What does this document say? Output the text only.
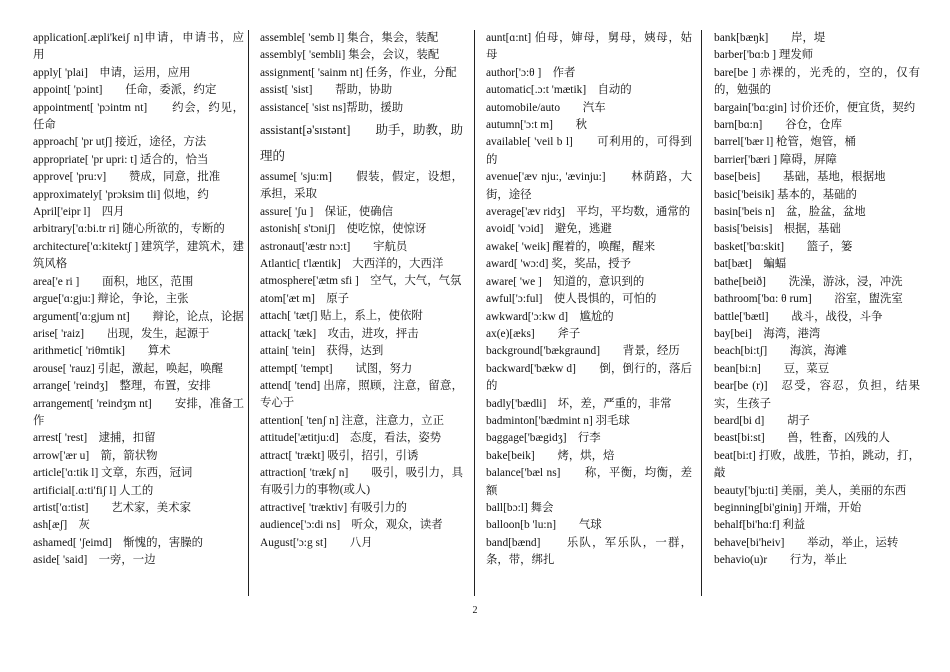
application[.æpli'keiʃ n]申请，申请书，应用

apply[ 'plai]　申请，运用，应用

appoint[ 'pɔint]　　任命，委派，约定

appointment[ 'pɔintm nt]　　约会，约见，任命

approach[ 'pr utʃ] 接近，途径，方法

appropriate[ 'pr upri: t] 适合的，恰当

approve[ 'pru:v]　　赞成，同意，批准

approximately[ 'prɔksim tli] 似地，约

April['eipr l]　四月

arbitrary['ɑ:bi.tr ri] 随心所欲的，专断的

architecture['ɑ:kitektʃ ] 建筑学，建筑术，建筑风格

area['e ri ]　　面积，地区，范围

argue['ɑ:gju:] 辩论，争论，主张

argument['ɑ:gjum nt]　　辩论，论点，论据

arise[ 'raiz]　　出现，发生，起源于

arithmetic[ 'riθmtik]　　算术

arouse[ 'rauz] 引起，激起，唤起，唤醒

arrange[ 'reindʒ]　整理，布置，安排

arrangement[ 'reindʒm nt]　　安排，准备工作

arrest[ 'rest]　逮捕，扣留

arrow['ær u]　箭，箭状物

article['ɑ:tik l] 文章，东西，冠词

artificial[.ɑ:ti'fiʃ l] 人工的

artist['ɑ:tist]　　艺术家，美术家

ash[æʃ]　灰

ashamed[ 'ʃeimd]　惭愧的，害臊的

aside[ 'said]　一旁，一边

assemble[ 'semb l] 集合，集会，装配

assembly[ 'sembli] 集会，会议，装配

assignment[ 'sainm nt] 任务，作业，分配

assist[ 'sist]　　帮助，协助

assistance[ 'sist ns]帮助，援助

assistant[ə'sɪstənt]　　助手，助教，助理的

assume[ 'sju:m]　　假装，假定，设想，承担，采取

assure[ 'ʃu ]　保证，使确信

astonish[ s'tɔniʃ]　使吃惊，使惊讶

astronaut['æstr nɔ:t]　　宇航员

Atlantic[ t'læntik]　大西洋的，大西洋

atmosphere['ætm sfi ]　空气，大气，气氛

atom['æt m]　原子

attach[ 'tætʃ] 贴上，系上，使依附

attack[ 'tæk]　攻击，进攻，抨击

attain[ 'tein]　获得，达到

attempt[ 'tempt]　　试图，努力

attend[ 'tend] 出席，照顾，注意，留意，专心于

attention[ 'tenʃ n] 注意，注意力，立正

attitude['ætitju:d]　态度，看法，姿势

attract[ 'trækt] 吸引，招引，引诱

attraction[ 'trækʃ n]　　吸引，吸引力，具有吸引力的事物(或人)

attractive[ 'træktiv] 有吸引力的

audience['ɔ:di ns]　听众，观众，读者

August['ɔ:g st]　　八月

aunt[ɑ:nt] 伯母，婶母，舅母，姨母，姑母

author['ɔ:θ ]　作者

automatic[.ɔ:t 'mætik]　自动的

automobile/auto　　汽车

autumn['ɔ:t m]　　秋

available[ 'veil b l]　　可利用的，可得到的

avenue['æv nju:, 'ævinju:]　　林荫路，大街，途径

average['æv ridʒ]　平均，平均数，通常的

avoid[ 'vɔid]　避免，逃避

awake[ 'weik] 醒着的，唤醒，醒来

award[ 'wɔ:d] 奖，奖品，授予

aware[ 'we ]　知道的，意识到的

awful['ɔ:ful]　使人畏惧的，可怕的

awkward['ɔ:kw d]　尴尬的

ax(e)[æks]　　斧子

background['bækgraund]　　背景，经历

backward['bækw d]　　倒，倒行的，落后的

badly['bædli]　坏，差，严重的，非常

badminton['bædmint n] 羽毛球

baggage['bægidʒ]　行李

bake[beik]　　烤，烘，焙

balance['bæl ns]　　称，平衡，均衡，差额

ball[bɔ:l] 舞会

balloon[b 'lu:n]　　气球

band[bænd]　　乐队，军乐队，一群，条，带，绑扎

bank[bæŋk]　　岸，堤

barber['bɑ:b ] 理发师

bare[be ] 赤裸的，光秃的，空的，仅有的，勉强的

bargain['bɑ:gin] 讨价还价，便宜货，契约

barn[bɑ:n]　　谷仓，仓库

barrel['bær l] 枪管，炮管，桶

barrier['bæri ] 障碍，屏障

base[beis]　　基础，基地，根据地

basic['beisik] 基本的，基础的

basin['beis n]　盆，脸盆，盆地

basis['beisis]　根据，基础

basket['bɑ:skit]　　篮子，篓

bat[bæt]　蝙蝠

bathe[beið]　　洗澡，游泳，浸，冲洗

bathroom['bɑ: θ rum]　　浴室，盥洗室

battle['bætl]　　战斗，战役，斗争

bay[bei]　海湾，港湾

beach[bi:tʃ]　　海滨，海滩

bean[bi:n]　　豆，菜豆

bear[be (r)]　忍受，容忍，负担，结果实，生孩子

beard[bi d]　　胡子

beast[bi:st]　　兽，牲畜，凶残的人

beat[bi:t] 打败，战胜，节拍，跳动，打，敲

beauty['bju:ti] 美丽，美人，美丽的东西

beginning[bi'giniŋ] 开端，开始

behalf[bi'hɑ:f] 利益

behave[bi'heiv]　　举动，举止，运转

behavio(u)r　　行为，举止

2
